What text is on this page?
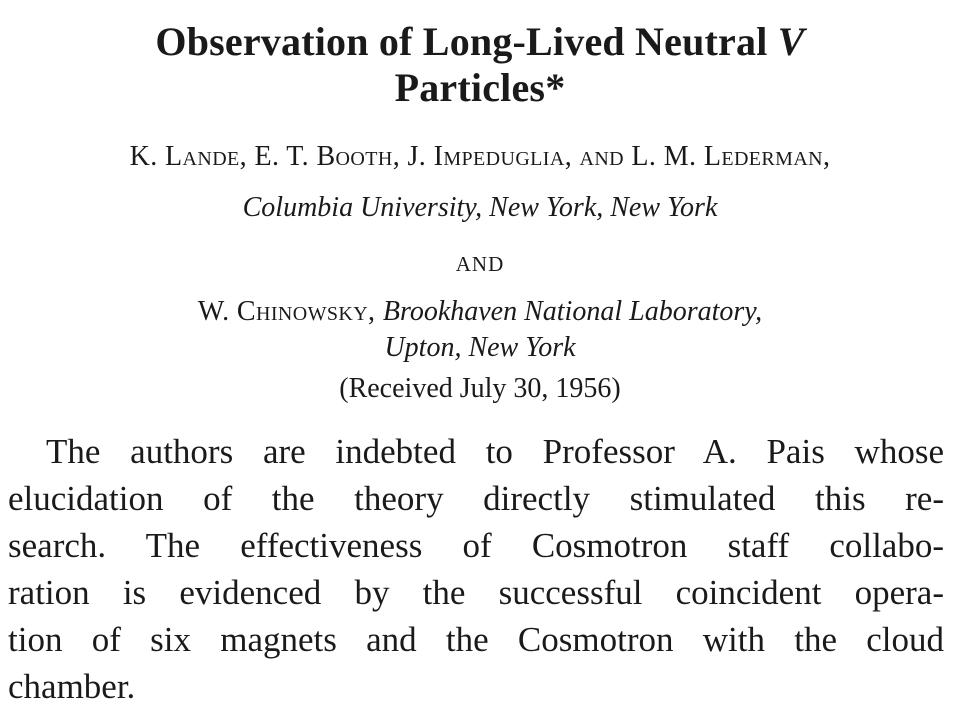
Observation of Long-Lived Neutral V
Particles*
K. Lande, E. T. Booth, J. Impeduglia, and L. M. Lederman,
Columbia University, New York, New York
AND
W. Chinowsky, Brookhaven National Laboratory,
Upton, New York
(Received July 30, 1956)
The authors are indebted to Professor A. Pais whose
elucidation of the theory directly stimulated this re-
search. The effectiveness of Cosmotron staff collabo-
ration is evidenced by the successful coincident opera-
tion of six magnets and the Cosmotron with the cloud
chamber.
